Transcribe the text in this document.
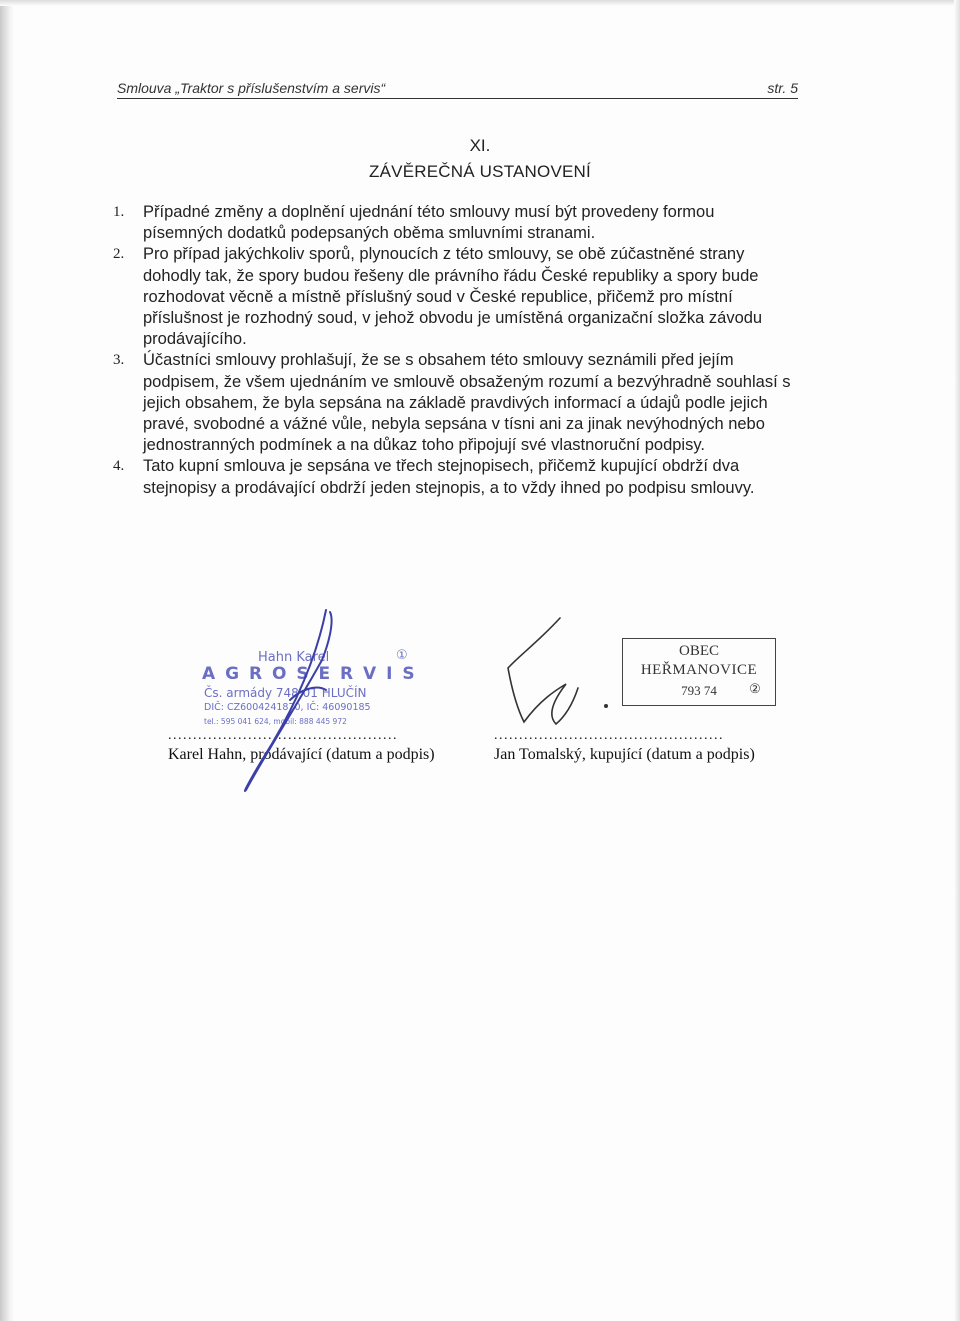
Smlouva „Traktor s příslušenstvím a servis“	str. 5
XI.
ZÁVĚREČNÁ USTANOVENÍ
1. Případné změny a doplnění ujednání této smlouvy musí být provedeny formou písemných dodatků podepsaných oběma smluvními stranami.
2. Pro případ jakýchkoliv sporů, plynoucích z této smlouvy, se obě zúčastněné strany dohodly tak, že spory budou řešeny dle právního řádu České republiky a spory bude rozhodovat věcně a místně příslušný soud v České republice, přičemž pro místní příslušnost je rozhodný soud, v jehož obvodu je umístěná organizační složka závodu prodávajícího.
3. Účastníci smlouvy prohlašují, že se s obsahem této smlouvy seznámili před jejím podpisem, že všem ujednáním ve smlouvě obsaženým rozumí a bezvýhradně souhlasí s jejich obsahem, že byla sepsána na základě pravdivých informací a údajů podle jejich pravé, svobodné a vážné vůle, nebyla sepsána v tísni ani za jinak nevýhodných nebo jednostranných podmínek a na důkaz toho připojují své vlastnoruční podpisy.
4. Tato kupní smlouva je sepsána ve třech stejnopisech, přičemž kupující obdrží dva stejnopisy a prodávající obdrží jeden stejnopis, a to vždy ihned po podpisu smlouvy.
Hahn Karel	①
A G R O S E R V I S
Čs. armády 748 01 HLUČÍN
DIČ: CZ6004241870, IČ: 46090185
tel.: 595 041 624, mobil: 888 445 972
OBEC
HEŘMANOVICE
793 74	②
..............................................
Karel Hahn, prodávající (datum a podpis)
..............................................
Jan Tomalský, kupující (datum a podpis)
